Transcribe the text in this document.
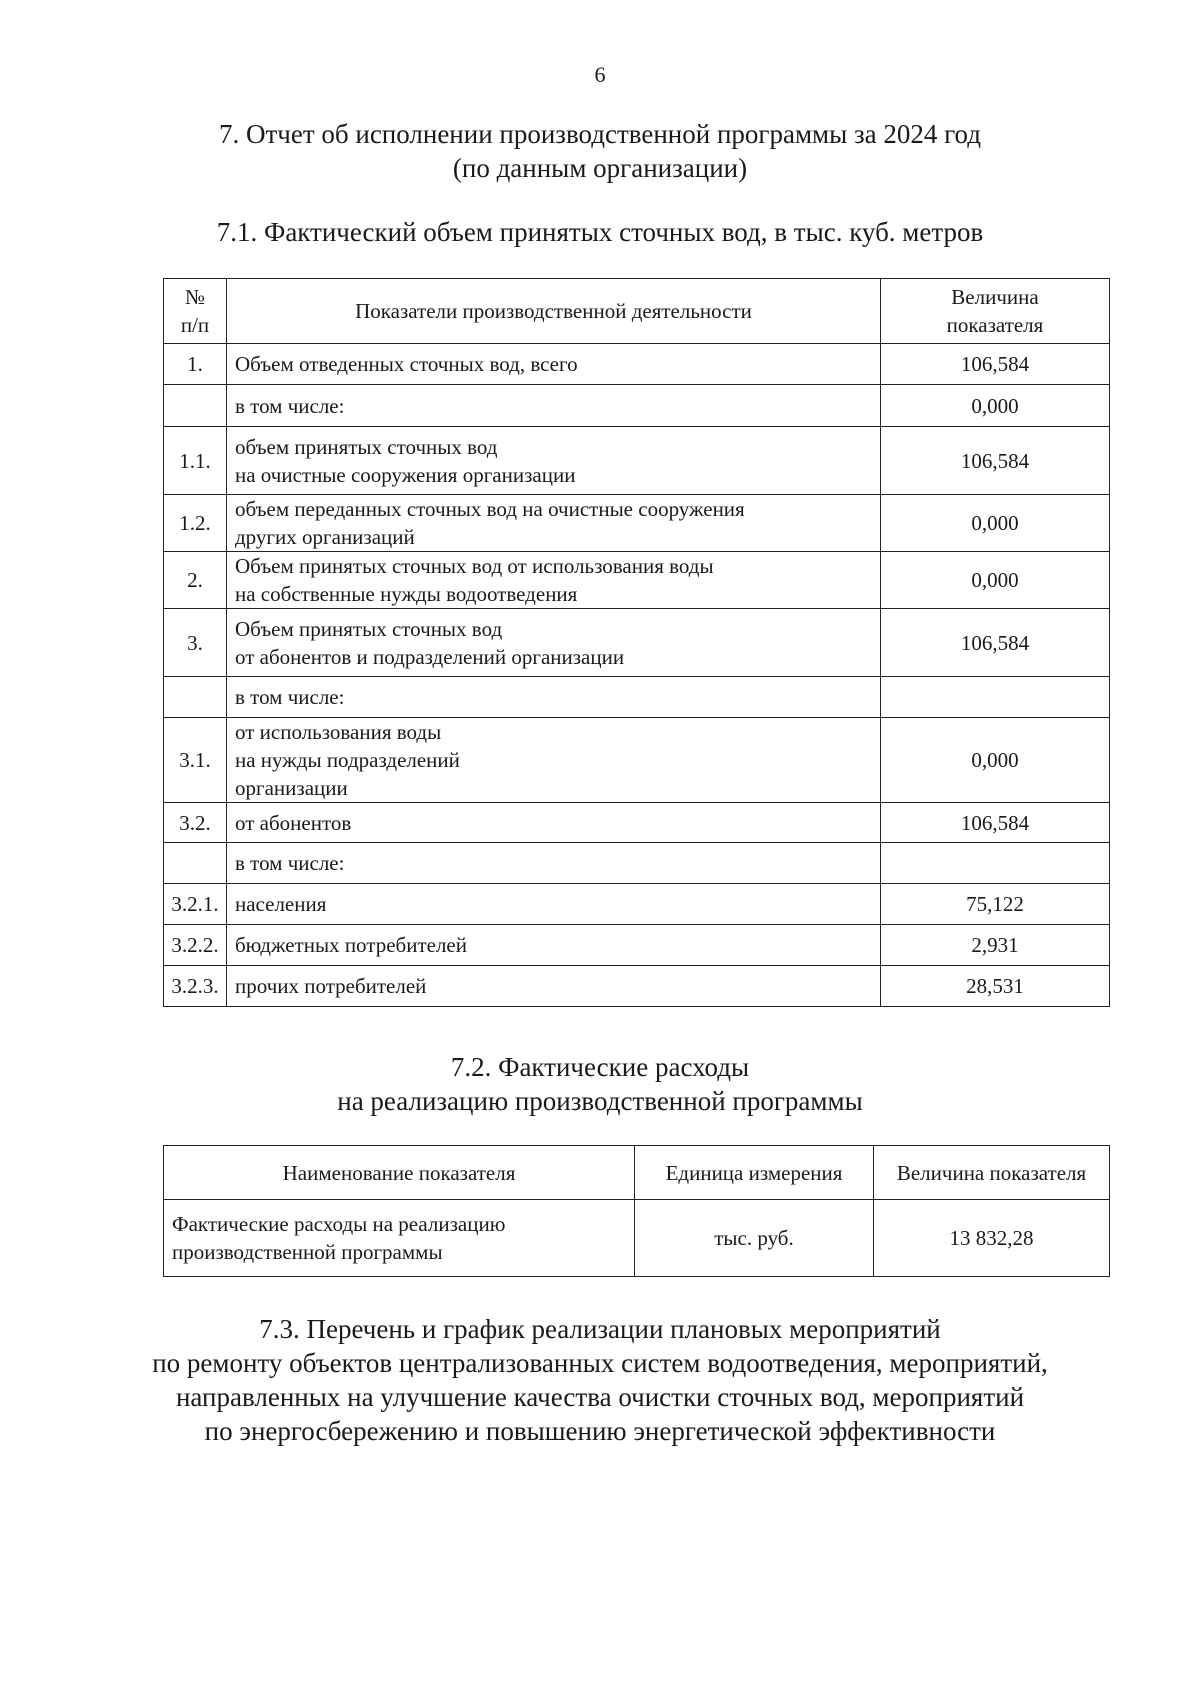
6
7. Отчет об исполнении производственной программы за 2024 год
(по данным организации)
7.1. Фактический объем принятых сточных вод, в тыс. куб. метров
№
п/п	Показатели производственной деятельности	Величина
показателя
1.	Объем отведенных сточных вод, всего	106,584
	в том числе:	0,000
1.1.	объем принятых сточных вод
на очистные сооружения организации	106,584
1.2.	объем переданных сточных вод на очистные сооружения
других организаций	0,000
2.	Объем принятых сточных вод от использования воды
на собственные нужды водоотведения	0,000
3.	Объем принятых сточных вод
от абонентов и подразделений организации	106,584
	в том числе:	
3.1.	от использования воды
на нужды подразделений
организации	0,000
3.2.	от абонентов	106,584
	в том числе:	
3.2.1.	населения	75,122
3.2.2.	бюджетных потребителей	2,931
3.2.3.	прочих потребителей	28,531
7.2. Фактические расходы
на реализацию производственной программы
Наименование показателя	Единица измерения	Величина показателя
Фактические расходы на реализацию
производственной программы	тыс. руб.	13 832,28
7.3. Перечень и график реализации плановых мероприятий
по ремонту объектов централизованных систем водоотведения, мероприятий,
направленных на улучшение качества очистки сточных вод, мероприятий
по энергосбережению и повышению энергетической эффективности
